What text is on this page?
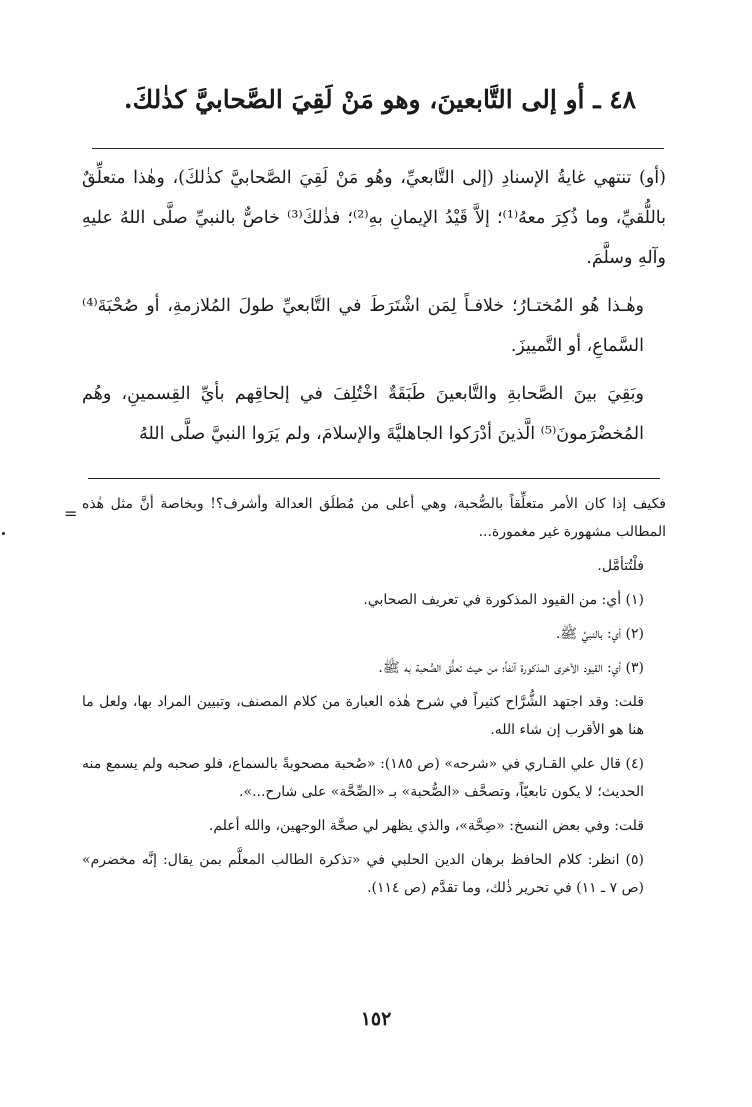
٤٨ ـ أو إلى التَّابعينَ، وهو مَنْ لَقِيَ الصَّحابيَّ كذٰلكَ.

(أو) تنتهي غايةُ الإسنادِ (إلى التَّابعيِّ، وهُو مَنْ لَقِيَ الصَّحابيَّ كذٰلكَ)، وهٰذا متعلِّقٌ باللُّقيِّ، وما ذُكِرَ معهُ⁽¹⁾؛ إلاَّ قَيْدُ الإيمانِ بهِ⁽²⁾؛ فذٰلكَ⁽³⁾ خاصٌّ بالنبيِّ صلَّى اللهُ عليهِ وآلهِ وسلَّمَ.

وهٰـذا هُو المُختـارُ؛ خلافـاً لِمَن اشْتَرَطَ في التَّابعيِّ طولَ المُلازمةِ، أو صُحْبَةَ⁽⁴⁾ السَّماعِ، أو التَّمييزَ.

وبَقِيَ بينَ الصَّحابةِ والتَّابعينَ طَبَقَةٌ اخْتُلِفَ في إلحاقِهم بأيِّ القِسمينِ، وهُم المُخضْرَمونَ⁽⁵⁾ الَّذينَ أدْرَكوا الجاهليَّةَ والإسلامَ، ولم يَرَوا النبيَّ صلَّى اللهُ

= فكيف إذا كان الأمر متعلِّقاً بالصُّحبة، وهي أعلى من مُطلَق العدالة وأشرف؟! وبخاصة أنَّ مثل هٰذه المطالب مشهورة غير مغمورة...

فلْتُتأمَّل.

(١) أي: من القيود المذكورة في تعريف الصحابي.

(٢) أي: بالنبيِّ ﷺ.

(٣) أي: القيود الأخرى المذكورة آنفاً؛ من حيث تعلُّق الصُّحبة به ﷺ.

قلت: وقد اجتهد الشُّرَّاح كثيراً في شرح هٰذه العبارة من كلام المصنف، وتبيين المراد بها، ولعل ما هنا هو الأقرب إن شاء الله.

(٤) قال علي القـاري في «شرحه» (ص ١٨٥): «صُحبة مصحوبةً بالسماع، فلو صحبه ولم يسمع منه الحديث؛ لا يكون تابعيّاً، وتصحَّف «الصُّحبة» بـ «الصِّحَّة» على شارح...».

قلت: وفي بعض النسخ: «صِحَّة»، والذي يظهر لي صحَّة الوجهين، والله أعلم.

(٥) انظر: كلام الحافظ برهان الدين الحلبي في «تذكرة الطالب المعلَّم بمن يقال: إنَّه مخضرم» (ص ٧ ـ ١١) في تحرير ذٰلك، وما تقدَّم (ص ١١٤).

١٥٢
